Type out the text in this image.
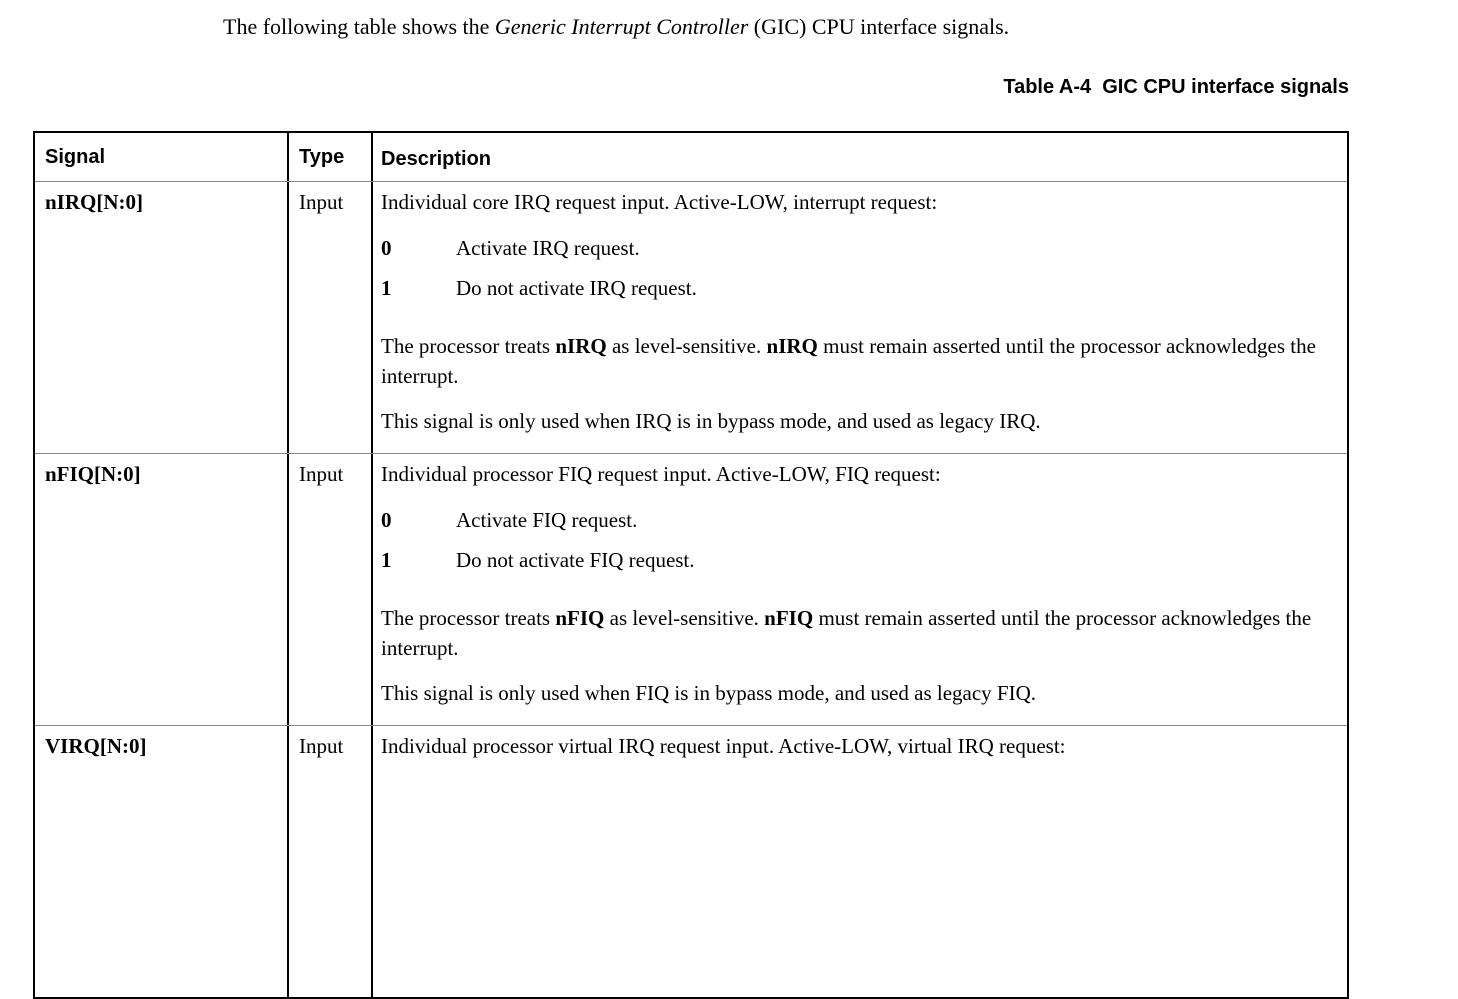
The following table shows the Generic Interrupt Controller (GIC) CPU interface signals.

Table A-4  GIC CPU interface signals

Signal	Type	Description
nIRQ[N:0]	Input	Individual core IRQ request input. Active-LOW, interrupt request:

0	Activate IRQ request.
1	Do not activate IRQ request.

The processor treats nIRQ as level-sensitive. nIRQ must remain asserted until the processor acknowledges the interrupt.

This signal is only used when IRQ is in bypass mode, and used as legacy IRQ.

nFIQ[N:0]	Input	Individual processor FIQ request input. Active-LOW, FIQ request:

0	Activate FIQ request.
1	Do not activate FIQ request.

The processor treats nFIQ as level-sensitive. nFIQ must remain asserted until the processor acknowledges the interrupt.

This signal is only used when FIQ is in bypass mode, and used as legacy FIQ.

VIRQ[N:0]	Input	Individual processor virtual IRQ request input. Active-LOW, virtual IRQ request:
